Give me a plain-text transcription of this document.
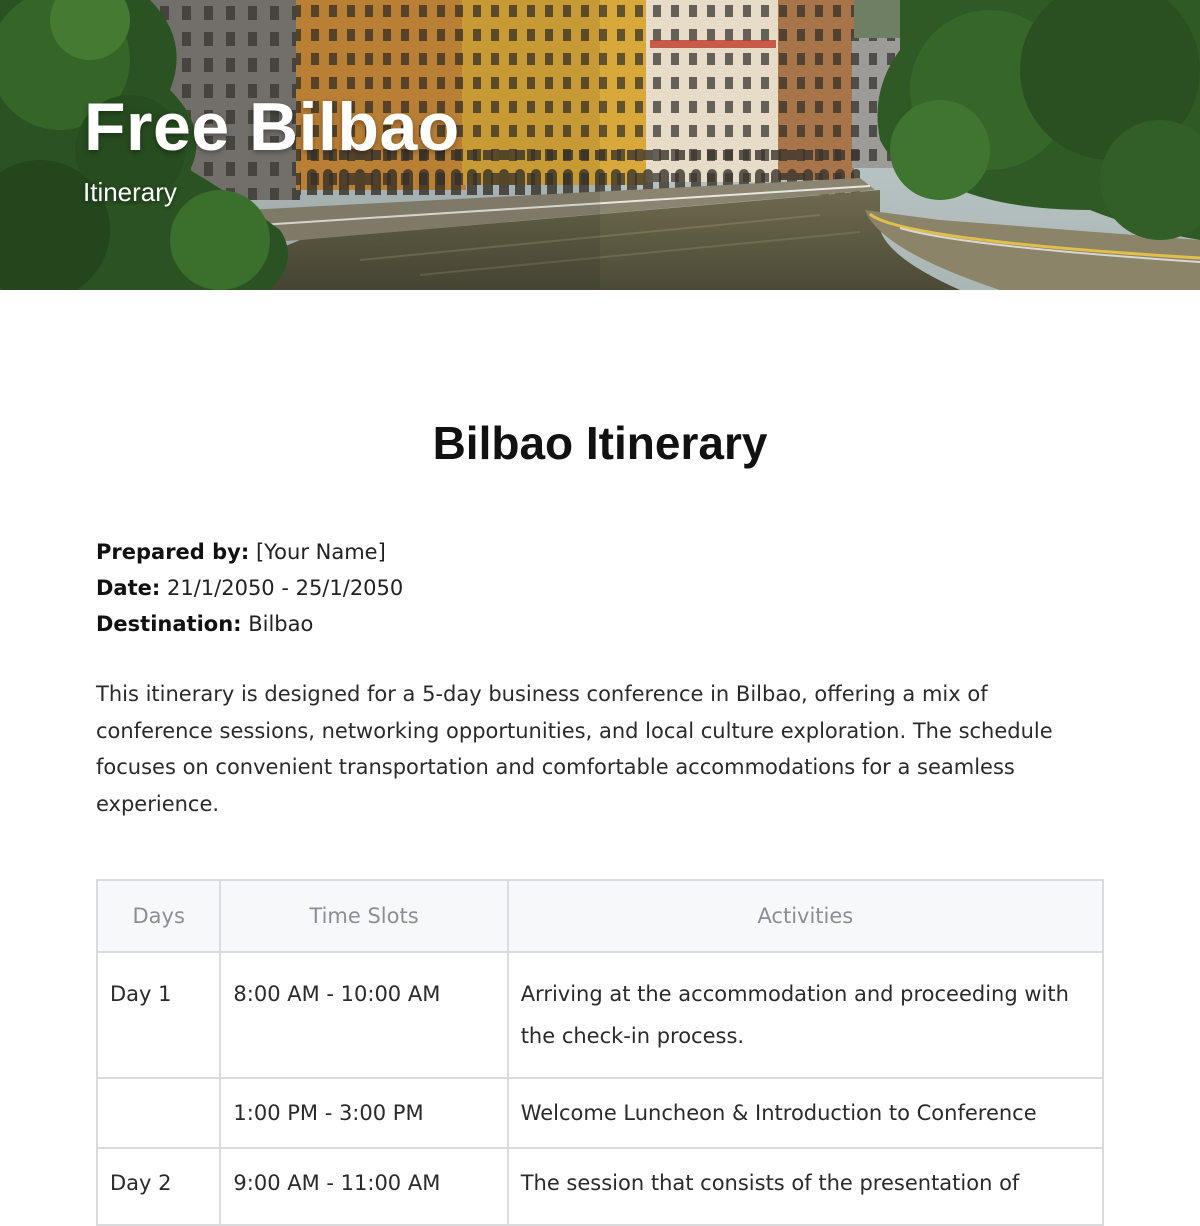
Free Bilbao
Itinerary
Bilbao Itinerary
Prepared by: [Your Name]
Date: 21/1/2050 - 25/1/2050
Destination: Bilbao

This itinerary is designed for a 5-day business conference in Bilbao, offering a mix of conference sessions, networking opportunities, and local culture exploration. The schedule focuses on convenient transportation and comfortable accommodations for a seamless experience.

Days	Time Slots	Activities
Day 1	8:00 AM - 10:00 AM	Arriving at the accommodation and proceeding with the check-in process.
	1:00 PM - 3:00 PM	Welcome Luncheon & Introduction to Conference
Day 2	9:00 AM - 11:00 AM	The session that consists of the presentation of
